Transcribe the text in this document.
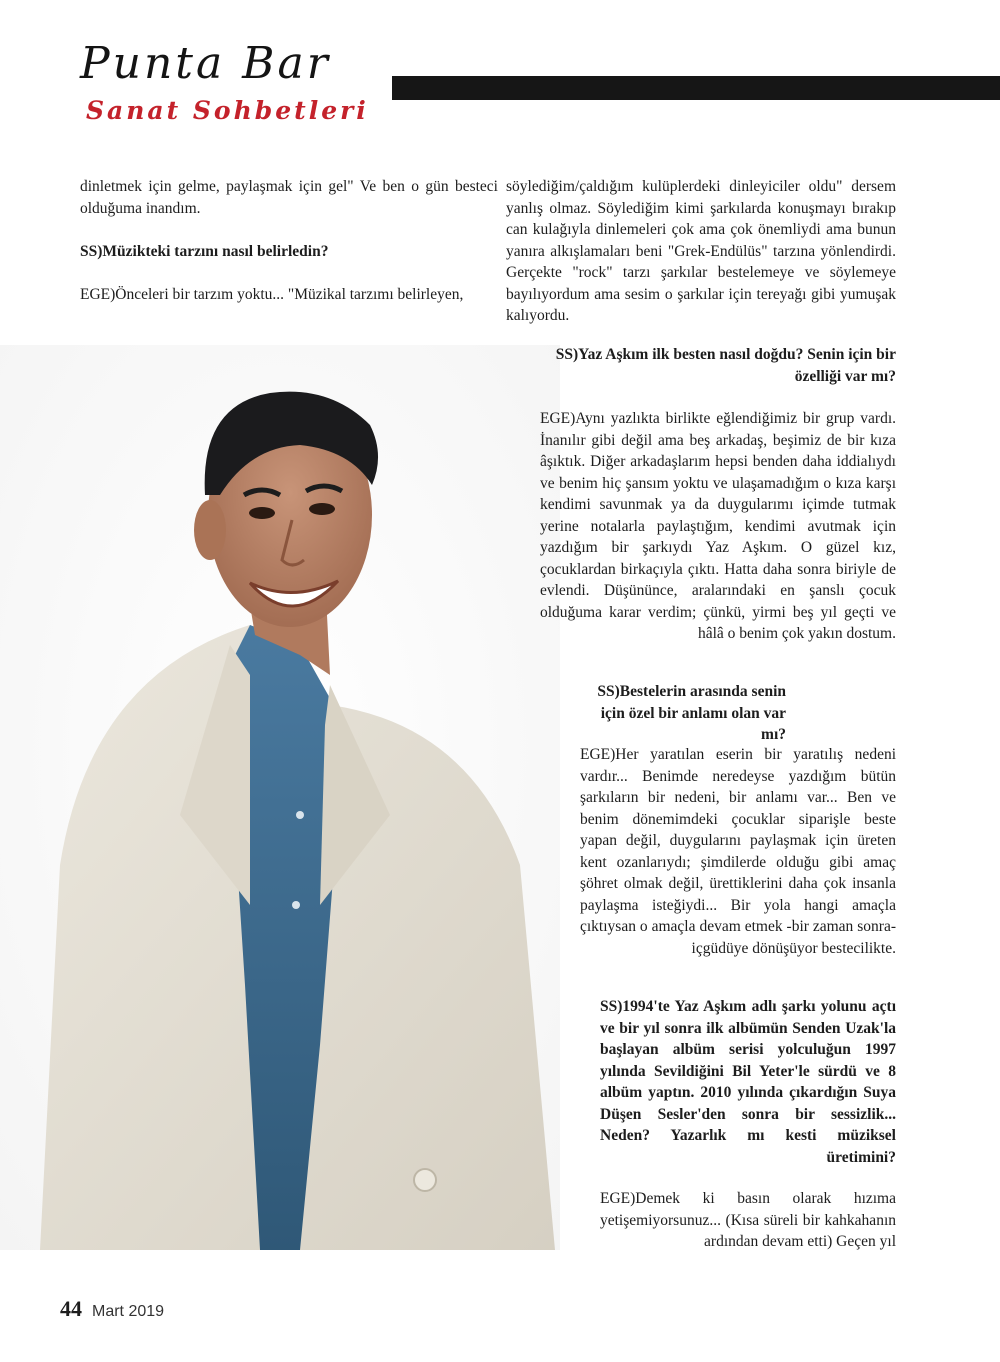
Punta Bar
Sanat Sohbetleri

dinletmek için gelme, paylaşmak için gel" Ve ben o gün besteci olduğuma inandım.

SS)Müzikteki tarzını nasıl belirledin?

EGE)Önceleri bir tarzım yoktu... "Müzikal tarzımı belirleyen,

söylediğim/çaldığım kulüplerdeki dinleyiciler oldu" dersem yanlış olmaz. Söylediğim kimi şarkılarda konuşmayı bırakıp can kulağıyla dinlemeleri çok ama çok önemliydi ama bunun yanıra alkışlamaları beni "Grek-Endülüs" tarzına yönlendirdi. Gerçekte "rock" tarzı şarkılar bestelemeye ve söylemeye bayılıyordum ama sesim o şarkılar için tereyağı gibi yumuşak kalıyordu.

SS)Yaz Aşkım ilk besten nasıl doğdu? Senin için bir özelliği var mı?
EGE)Aynı yazlıkta birlikte eğlendiğimiz bir grup vardı. İnanılır gibi değil ama beş arkadaş, beşimiz de bir kıza âşıktık. Diğer arkadaşlarım hepsi benden daha iddialıydı ve benim hiç şansım yoktu ve ulaşamadığım o kıza karşı kendimi savunmak ya da duygularımı içimde tutmak yerine notalarla paylaştığım, kendimi avutmak için yazdığım bir şarkıydı Yaz Aşkım. O güzel kız, çocuklardan birkaçıyla çıktı. Hatta daha sonra biriyle de evlendi. Düşününce, aralarındaki en şanslı çocuk olduğuma karar verdim; çünkü, yirmi beş yıl geçti ve hâlâ o benim çok yakın dostum.
SS)Bestelerin arasında senin için özel bir anlamı olan var mı?
EGE)Her yaratılan eserin bir yaratılış nedeni vardır... Benimde neredeyse yazdığım bütün şarkıların bir nedeni, bir anlamı var... Ben ve benim dönemimdeki çocuklar siparişle beste yapan değil, duygularını paylaşmak için üreten kent ozanlarıydı; şimdilerde olduğu gibi amaç şöhret olmak değil, ürettiklerini daha çok insanla paylaşma isteğiydi... Bir yola hangi amaçla çıktıysan o amaçla devam etmek -bir zaman sonra- içgüdüye dönüşüyor bestecilikte.
SS)1994'te Yaz Aşkım adlı şarkı yolunu açtı ve bir yıl sonra ilk albümün Senden Uzak'la başlayan albüm serisi yolculuğun 1997 yılında Sevildiğini Bil Yeter'le sürdü ve 8 albüm yaptın. 2010 yılında çıkardığın Suya Düşen Sesler'den sonra bir sessizlik... Neden? Yazarlık mı kesti müziksel üretimini?
EGE)Demek ki basın olarak hızıma yetişemiyorsunuz... (Kısa süreli bir kahkahanın ardından devam etti) Geçen yıl
44 Mart 2019
